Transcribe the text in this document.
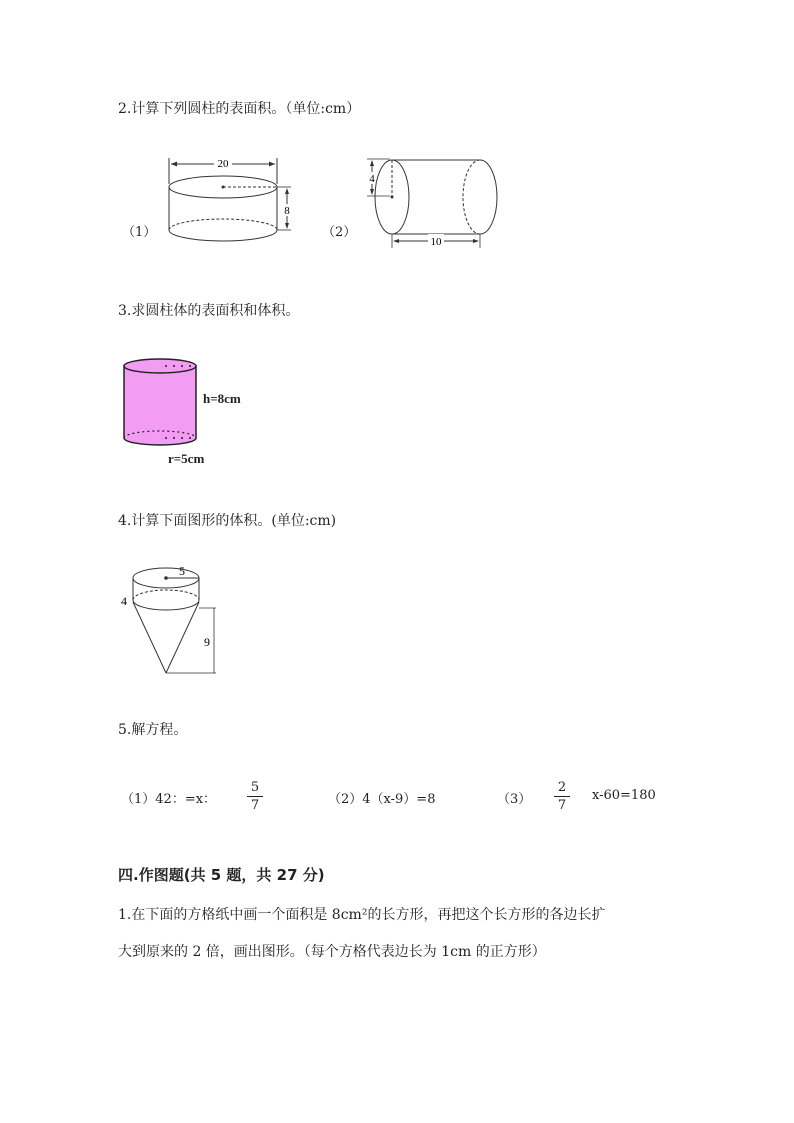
2.计算下列圆柱的表面积。（单位:cm）
（1）	（2）
20
8
4
10
3.求圆柱体的表面积和体积。
h=8cm
r=5cm
4.计算下面图形的体积。(单位:cm)
5
4
9
5.解方程。
（1）42：=x： $\frac{5}{7}$	（2）4（x-9）=8	$(3) \frac{2}{7} x-60=180$
四.作图题(共 5 题，共 27 分)
1.在下面的方格纸中画一个面积是 8cm²的长方形，再把这个长方形的各边长扩
大到原来的 2 倍，画出图形。（每个方格代表边长为 1cm 的正方形）
